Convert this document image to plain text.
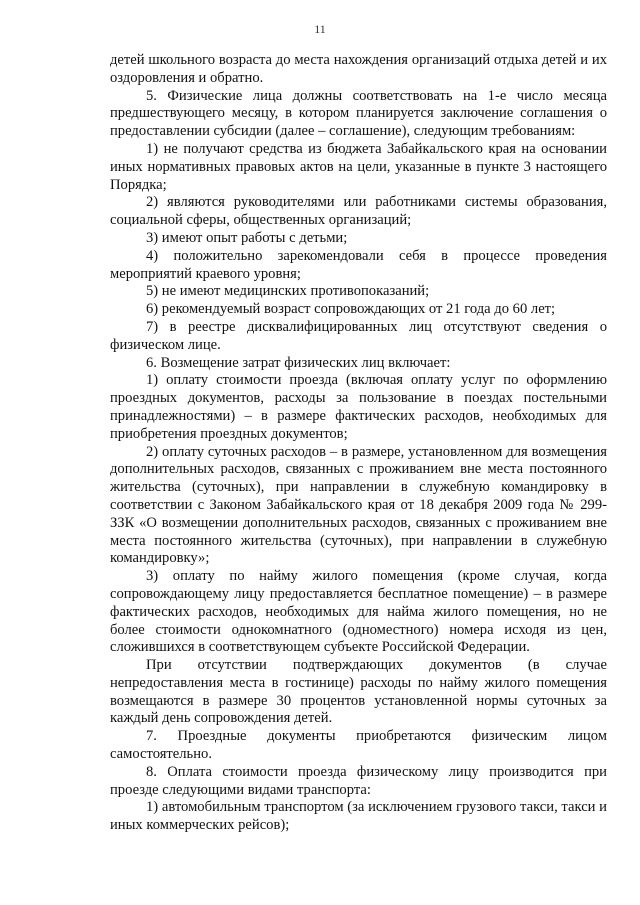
11

детей школьного возраста до места нахождения организаций отдыха детей и их оздоровления и обратно.

5. Физические лица должны соответствовать на 1-е число месяца предшествующего месяцу, в котором планируется заключение соглашения о предоставлении субсидии (далее – соглашение), следующим требованиям:

1) не получают средства из бюджета Забайкальского края на основании иных нормативных правовых актов на цели, указанные в пункте 3 настоящего Порядка;

2) являются руководителями или работниками системы образования, социальной сферы, общественных организаций;

3) имеют опыт работы с детьми;

4) положительно зарекомендовали себя в процессе проведения мероприятий краевого уровня;

5) не имеют медицинских противопоказаний;

6) рекомендуемый возраст сопровождающих от 21 года до 60 лет;

7) в реестре дисквалифицированных лиц отсутствуют сведения о физическом лице.

6. Возмещение затрат физических лиц включает:

1) оплату стоимости проезда (включая оплату услуг по оформлению проездных документов, расходы за пользование в поездах постельными принадлежностями) – в размере фактических расходов, необходимых для приобретения проездных документов;

2) оплату суточных расходов – в размере, установленном для возмещения дополнительных расходов, связанных с проживанием вне места постоянного жительства (суточных), при направлении в служебную командировку в соответствии с Законом Забайкальского края от 18 декабря 2009 года № 299-ЗЗК «О возмещении дополнительных расходов, связанных с проживанием вне места постоянного жительства (суточных), при направлении в служебную командировку»;

3) оплату по найму жилого помещения (кроме случая, когда сопровождающему лицу предоставляется бесплатное помещение) – в размере фактических расходов, необходимых для найма жилого помещения, но не более стоимости однокомнатного (одноместного) номера исходя из цен, сложившихся в соответствующем субъекте Российской Федерации.

При отсутствии подтверждающих документов (в случае непредоставления места в гостинице) расходы по найму жилого помещения возмещаются в размере 30 процентов установленной нормы суточных за каждый день сопровождения детей.

7. Проездные документы приобретаются физическим лицом самостоятельно.

8. Оплата стоимости проезда физическому лицу производится при проезде следующими видами транспорта:

1) автомобильным транспортом (за исключением грузового такси, такси и иных коммерческих рейсов);
